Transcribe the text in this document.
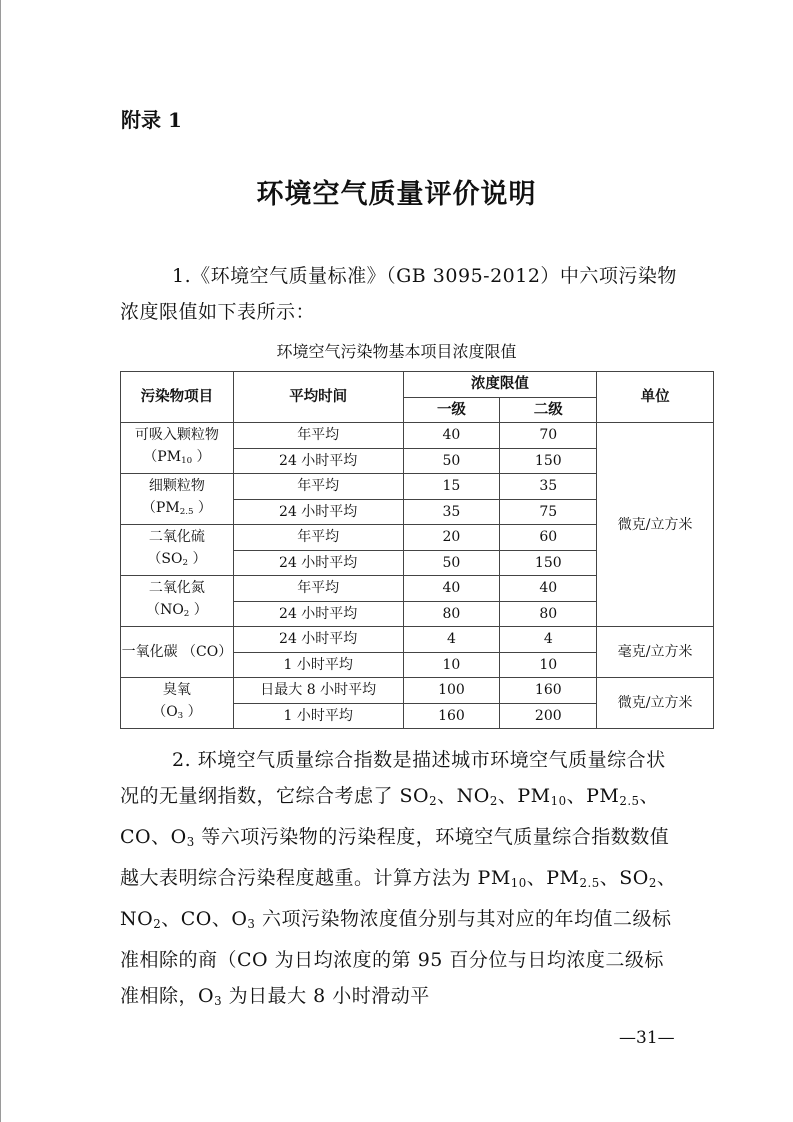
附录 1
环境空气质量评价说明
1.《环境空气质量标准》（GB 3095-2012）中六项污染物浓度限值如下表所示：
环境空气污染物基本项目浓度限值
污染物项目	平均时间	浓度限值		单位
		一级	二级	
可吸入颗粒物
（$PM_{10}$ ）	年平均	40	70	微克/立方米
	24 小时平均	50	150	
细颗粒物
（$PM_{2.5}$ ）	年平均	15	35	
	24 小时平均	35	75	
二氧化硫
（$SO_2$ ）	年平均	20	60	
	24 小时平均	50	150	
二氧化氮
（$NO_2$ ）	年平均	40	40	
	24 小时平均	80	80	
一氧化碳 （CO）	24 小时平均	4	4	毫克/立方米
	1 小时平均	10	10	
臭氧
（$O_3$ ）	日最大 8 小时平均	100	160	微克/立方米
	1 小时平均	160	200	
2. 环境空气质量综合指数是描述城市环境空气质量综合状 况的无量纲指数，它综合考虑了 $SO_2$、$NO_2$、$PM_{10}$、$PM_{2.5}$、CO、$O_3$ 等六项污染物的污染程度，环境空气质量综合指数数值越大表明综合污染程度越重。计算方法为 $PM_{10}$、$PM_{2.5}$、$SO_2$、$NO_2$、CO、$O_3$ 六项污染物浓度值分别与其对应的年均值二级标准相除的商（CO 为日均浓度的第 95 百分位与日均浓度二级标准相除，$O_3$ 为日最大 8 小时滑动平
—31—
